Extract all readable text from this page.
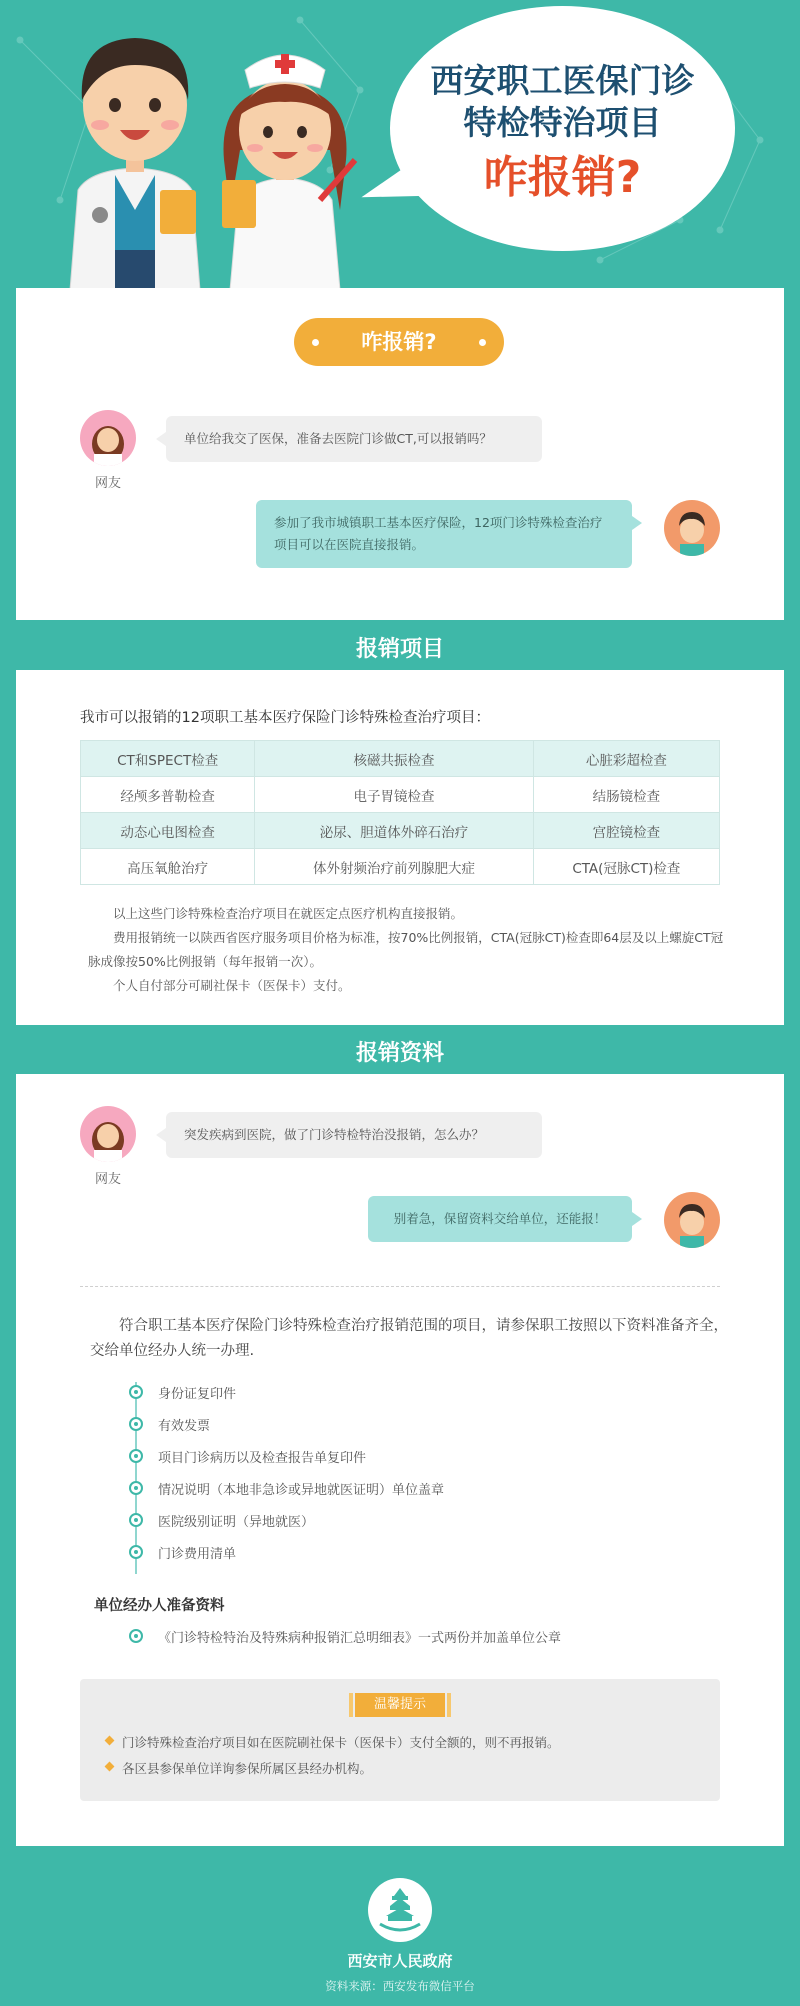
西安职工医保门诊
特检特治项目
咋报销?
咋报销?
网友
单位给我交了医保，准备去医院门诊做CT,可以报销吗？
参加了我市城镇职工基本医疗保险，12项门诊特殊检查治疗项目可以在医院直接报销。
报销项目
我市可以报销的12项职工基本医疗保险门诊特殊检查治疗项目：
CT和SPECT检查	核磁共振检查	心脏彩超检查
经颅多普勒检查	电子胃镜检查	结肠镜检查
动态心电图检查	泌尿、胆道体外碎石治疗	宫腔镜检查
高压氧舱治疗	体外射频治疗前列腺肥大症	CTA(冠脉CT)检查
以上这些门诊特殊检查治疗项目在就医定点医疗机构直接报销。
费用报销统一以陕西省医疗服务项目价格为标准，按70%比例报销，CTA(冠脉CT)检查即64层及以上螺旋CT冠脉成像按50%比例报销（每年报销一次）。
个人自付部分可刷社保卡（医保卡）支付。
报销资料
网友
突发疾病到医院，做了门诊特检特治没报销，怎么办？
别着急，保留资料交给单位，还能报！
符合职工基本医疗保险门诊特殊检查治疗报销范围的项目，请参保职工按照以下资料准备齐全，交给单位经办人统一办理.
身份证复印件
有效发票
项目门诊病历以及检查报告单复印件
情况说明（本地非急诊或异地就医证明）单位盖章
医院级别证明（异地就医）
门诊费用清单
单位经办人准备资料
《门诊特检特治及特殊病种报销汇总明细表》一式两份并加盖单位公章
温馨提示
门诊特殊检查治疗项目如在医院刷社保卡（医保卡）支付全额的，则不再报销。
各区县参保单位详询参保所属区县经办机构。
西安市人民政府
资料来源：西安发布微信平台
